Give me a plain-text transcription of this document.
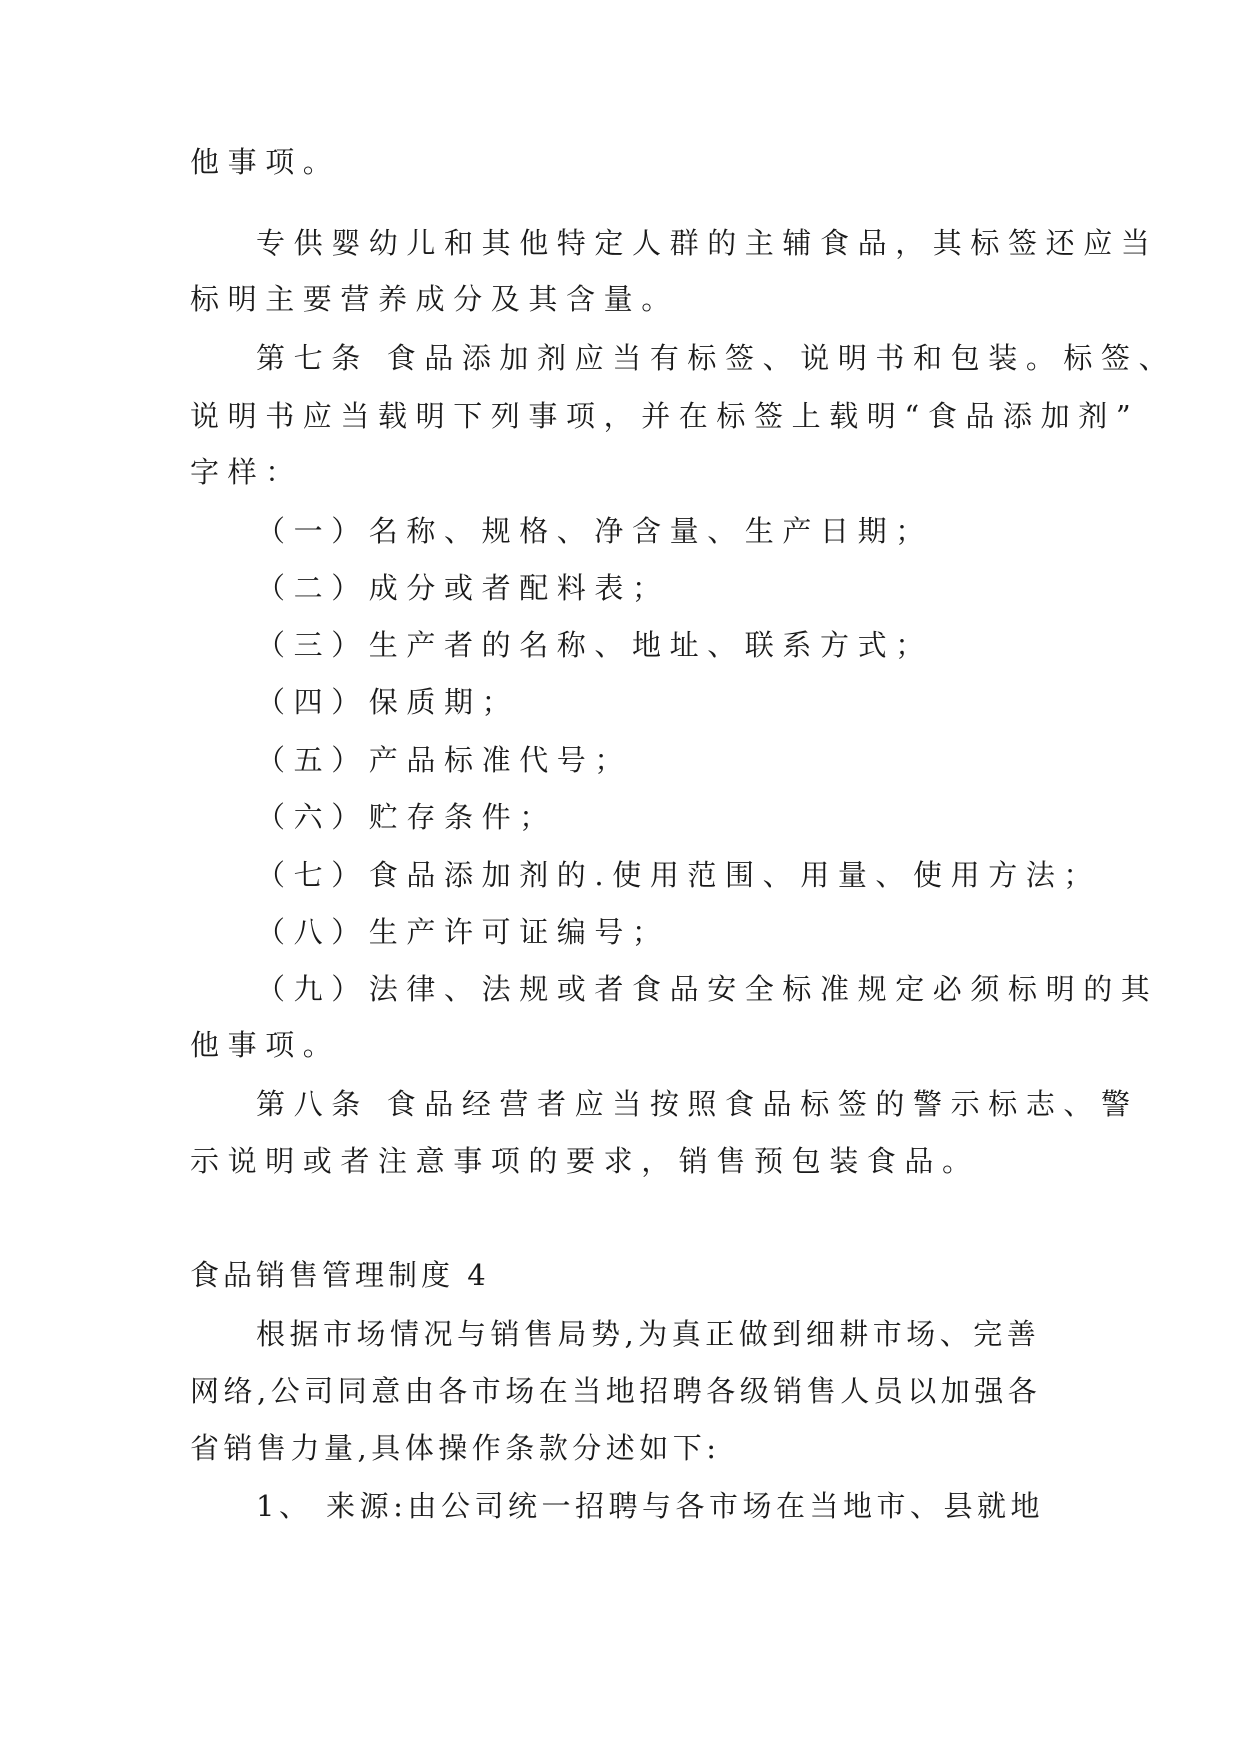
他事项。
专供婴幼儿和其他特定人群的主辅食品，其标签还应当
标明主要营养成分及其含量。
第七条 食品添加剂应当有标签、说明书和包装。标签、
说明书应当载明下列事项，并在标签上载明“食品添加剂”
字样：
（一）名称、规格、净含量、生产日期；
（二）成分或者配料表；
（三）生产者的名称、地址、联系方式；
（四）保质期；
（五）产品标准代号；
（六）贮存条件；
（七）食品添加剂的.使用范围、用量、使用方法；
（八）生产许可证编号；
（九）法律、法规或者食品安全标准规定必须标明的其
他事项。
第八条 食品经营者应当按照食品标签的警示标志、警
示说明或者注意事项的要求，销售预包装食品。
食品销售管理制度 4
根据市场情况与销售局势,为真正做到细耕市场、完善
网络,公司同意由各市场在当地招聘各级销售人员以加强各
省销售力量,具体操作条款分述如下:
1、 来源:由公司统一招聘与各市场在当地市、县就地
